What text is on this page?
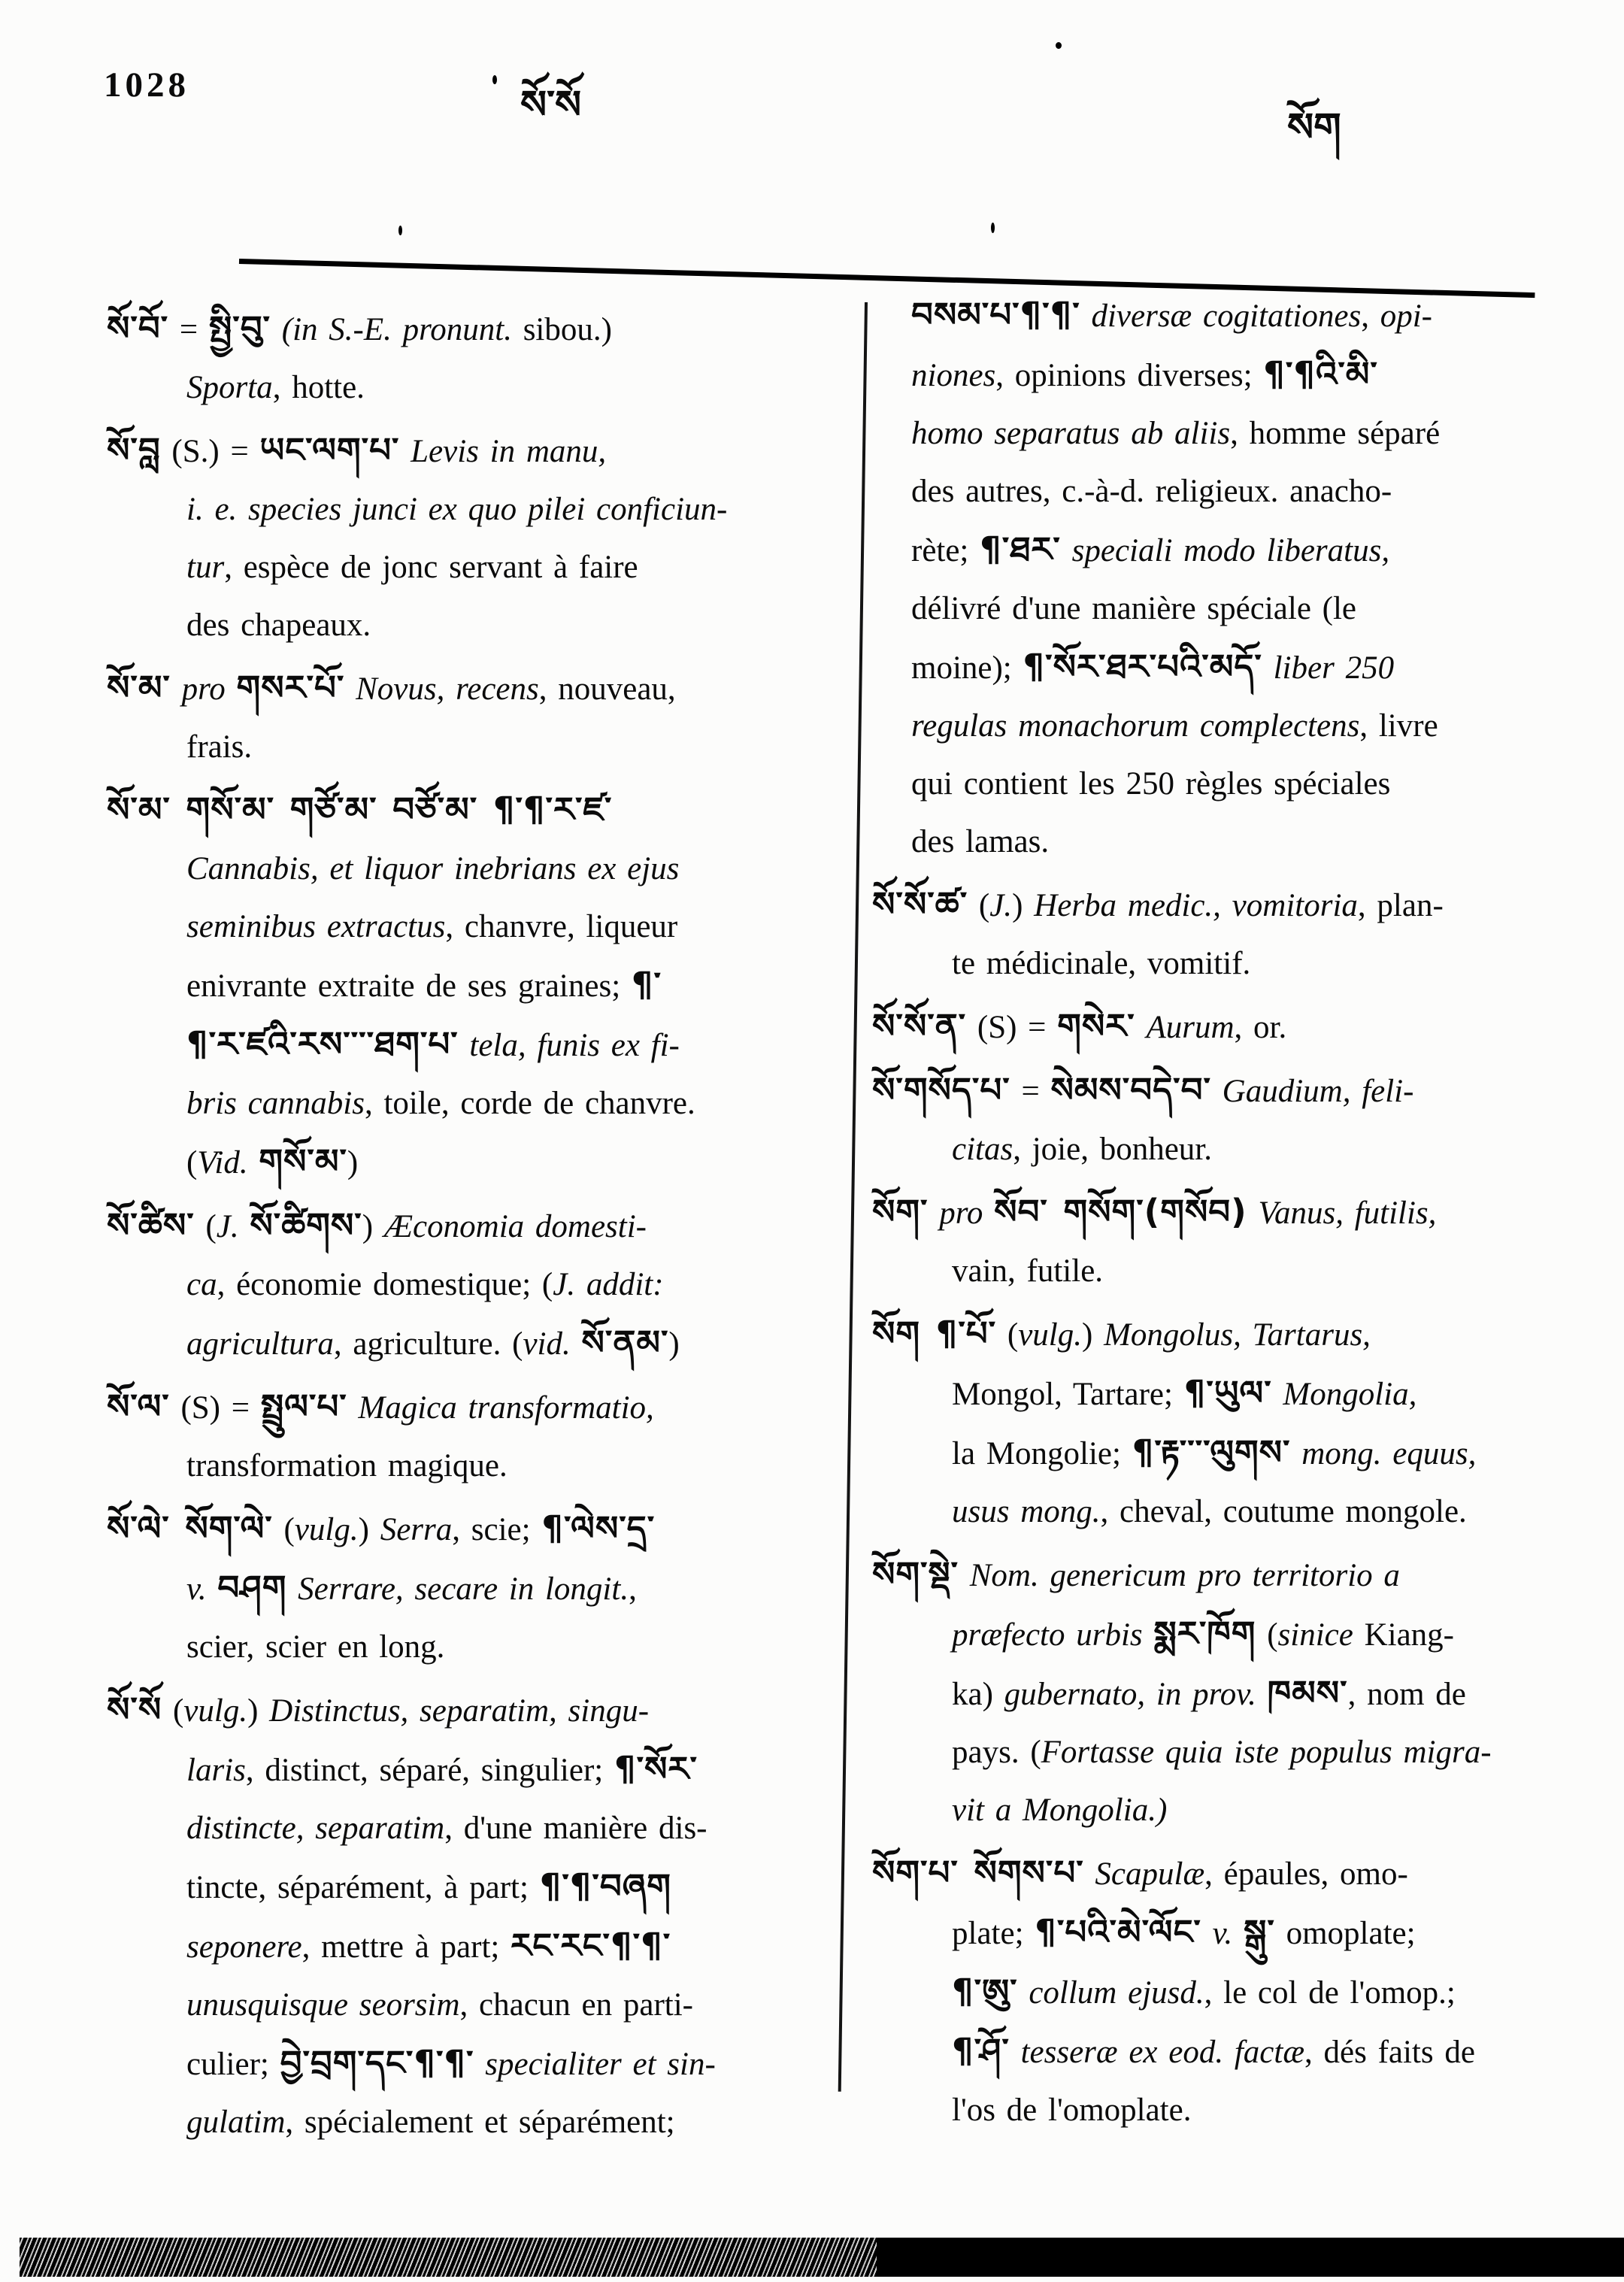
1028	སོ་སོ	སོག
སོ་བོ་ = སྤྱི་བུ་ (in S.-E. pronunt. sibou.)
Sporta, hotte.
སོ་བླ (S.) = ཡང་ལག་པ་ Levis in manu,
i. e. species junci ex quo pilei conficiun-
tur, espèce de jonc servant à faire
des chapeaux.
སོ་མ་ pro གསར་པོ་ Novus, recens, nouveau,
frais.
སོ་མ་ གསོ་མ་ གཙོ་མ་ བཙོ་མ་ ¶་¶་ར་ཛ་
Cannabis, et liquor inebrians ex ejus
seminibus extractus, chanvre, liqueur
enivrante extraite de ses graines; ¶་
¶་ར་ཛའི་རས་་་་ཐག་པ་ tela, funis ex fi-
bris cannabis, toile, corde de chanvre.
(Vid. གསོ་མ་)
སོ་ཚིས་ (J. སོ་ཚིགས་) Æconomia domesti-
ca, économie domestique; (J. addit:
agricultura, agriculture. (vid. སོ་ནམ་)
སོ་ལ་ (S) = སྤྲུལ་པ་ Magica transformatio,
transformation magique.
སོ་ལེ་ སོག་ལེ་ (vulg.) Serra, scie; ¶་ལེས་དྲ་
v. བཤག Serrare, secare in longit.,
scier, scier en long.
སོ་སོ (vulg.) Distinctus, separatim, singu-
laris, distinct, séparé, singulier; ¶་སོར་
distincte, separatim, d'une manière dis-
tincte, séparément, à part; ¶་¶་བཞག
seponere, mettre à part; རང་རང་¶་¶་
unusquisque seorsim, chacun en parti-
culier; བྱེ་བྲག་དང་¶་¶་ specialiter et sin-
gulatim, spécialement et séparément;
བསམ་པ་¶་¶་ diversæ cogitationes, opi-
niones, opinions diverses; ¶་¶འི་མི་
homo separatus ab aliis, homme séparé
des autres, c.-à-d. religieux. anacho-
rète; ¶་ཐར་ speciali modo liberatus,
délivré d'une manière spéciale (le
moine); ¶་སོར་ཐར་པའི་མདོ་ liber 250
regulas monachorum complectens, livre
qui contient les 250 règles spéciales
des lamas.
སོ་སོ་ཚ་ (J.) Herba medic., vomitoria, plan-
te médicinale, vomitif.
སོ་སོ་ན་ (S) = གསེར་ Aurum, or.
སོ་གསོད་པ་ = སེམས་བདེ་བ་ Gaudium, feli-
citas, joie, bonheur.
སོག་ pro སོབ་ གསོག་(གསོབ) Vanus, futilis,
vain, futile.
སོག ¶་པོ་ (vulg.) Mongolus, Tartarus,
Mongol, Tartare; ¶་ཡུལ་ Mongolia,
la Mongolie; ¶་རྟ་་་་ལུགས་ mong. equus,
usus mong., cheval, coutume mongole.
སོག་སྡེ་ Nom. genericum pro territorio a
præfecto urbis སྨར་ཁོག (sinice Kiang-
ka) gubernato, in prov. ཁམས་, nom de
pays. (Fortasse quia iste populus migra-
vit a Mongolia.)
སོག་པ་ སོགས་པ་ Scapulæ, épaules, omo-
plate; ¶་པའི་མེ་ལོང་ v. སྒུ་ omoplate;
¶་ཨུ་ collum ejusd., le col de l'omop.;
¶་ཤོ་ tesseræ ex eod. factæ, dés faits de
l'os de l'omoplate.
